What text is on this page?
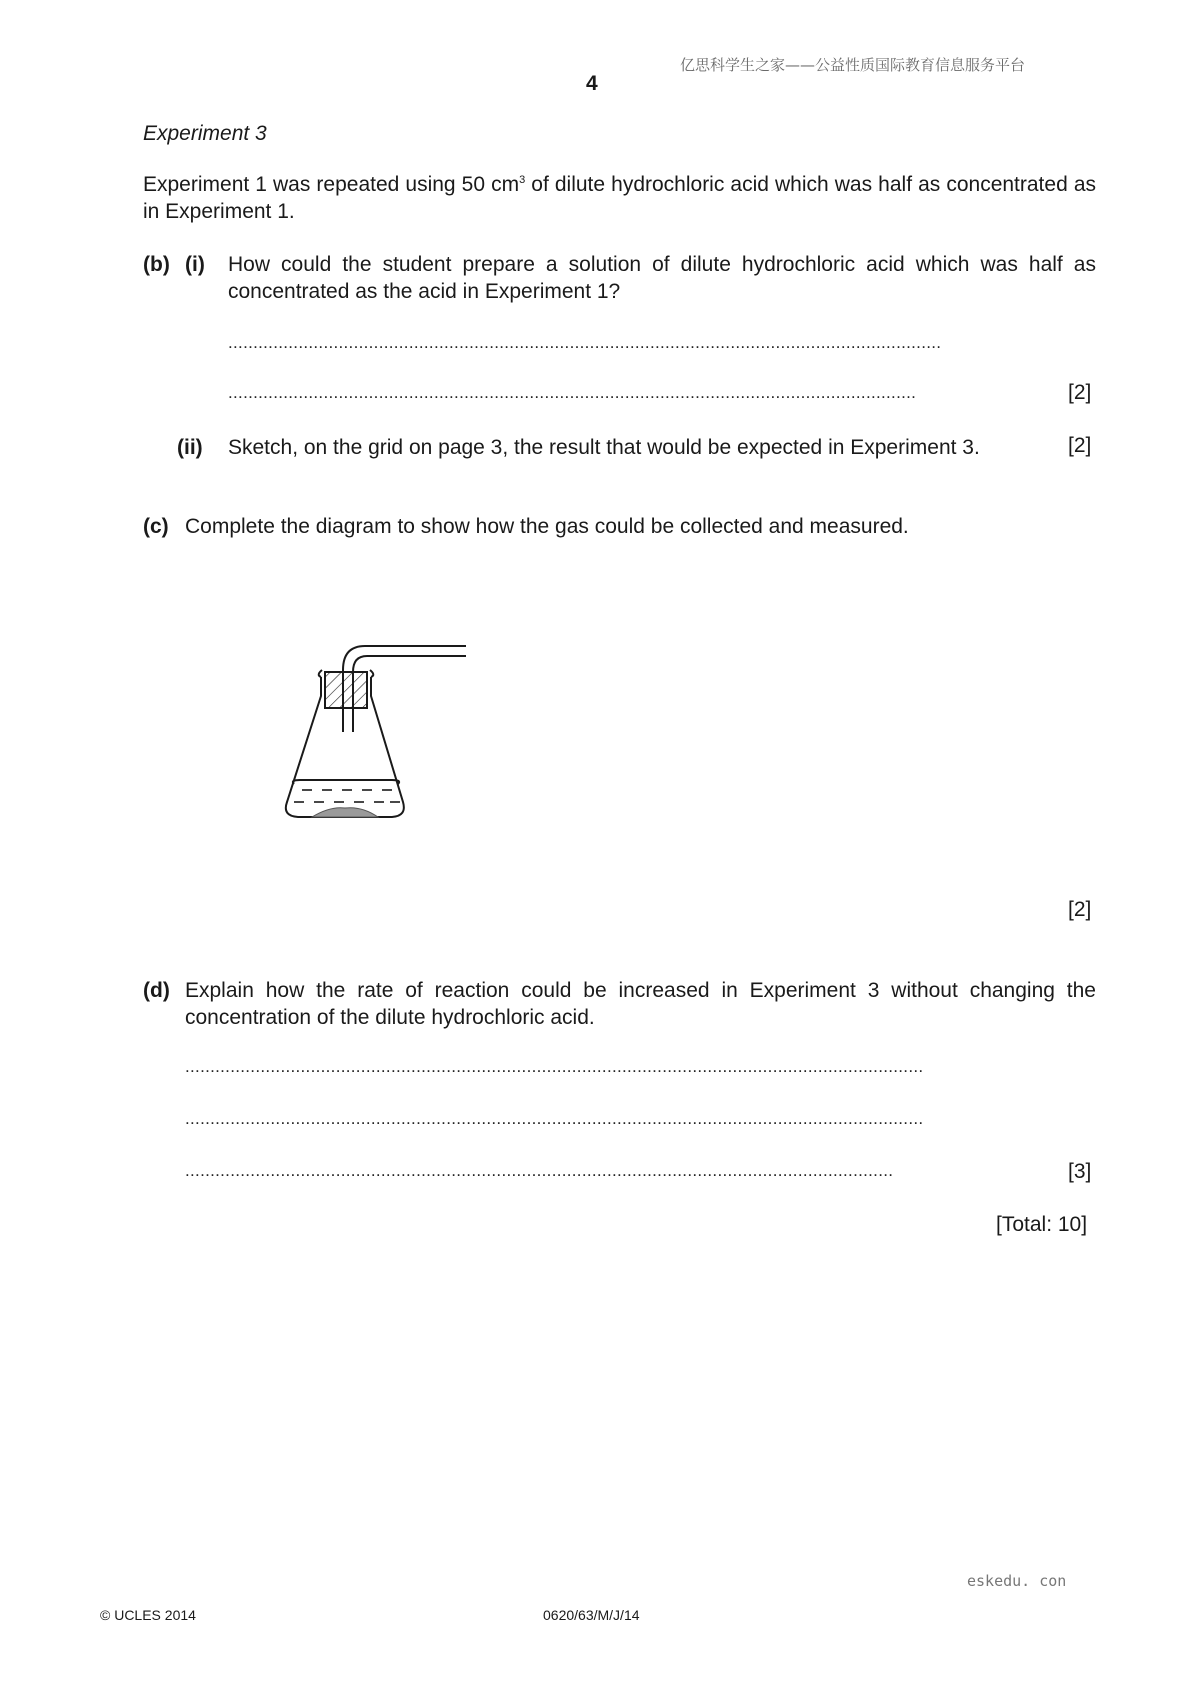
亿思科学生之家——公益性质国际教育信息服务平台
4
Experiment 3
Experiment 1 was repeated using 50 $cm^3$ of dilute hydrochloric acid which was half as concentrated as in Experiment 1.
(b) (i) How could the student prepare a solution of dilute hydrochloric acid which was half as concentrated as the acid in Experiment 1?
..............................................................................................................................................
.........................................................................................................................................	[2]
(ii) Sketch, on the grid on page 3, the result that would be expected in Experiment 3.	[2]
(c) Complete the diagram to show how the gas could be collected and measured.
[2]
(d) Explain how the rate of reaction could be increased in Experiment 3 without changing the concentration of the dilute hydrochloric acid.
...................................................................................................................................................
...................................................................................................................................................
.............................................................................................................................................	[3]
[Total: 10]
eskedu. con
© UCLES 2014	0620/63/M/J/14
